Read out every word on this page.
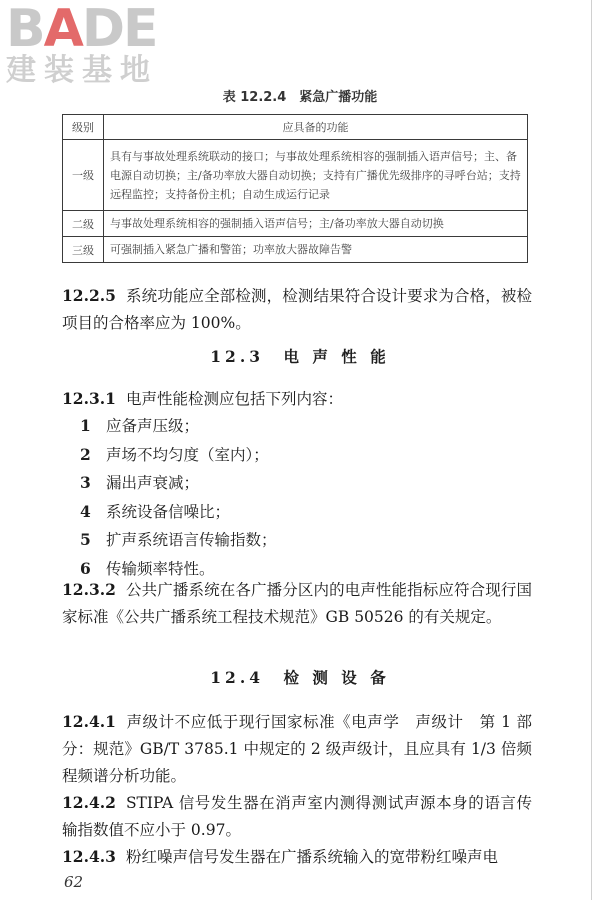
BADE
建装基地
表 12.2.4　紧急广播功能
级别	应具备的功能
一级	具有与事故处理系统联动的接口；与事故处理系统相容的强制插入语声信号；主、备电源自动切换；主/备功率放大器自动切换；支持有广播优先级排序的寻呼台站；支持远程监控；支持备份主机；自动生成运行记录
二级	与事故处理系统相容的强制插入语声信号；主/备功率放大器自动切换
三级	可强制插入紧急广播和警笛；功率放大器故障告警
12.2.5 系统功能应全部检测，检测结果符合设计要求为合格，被检项目的合格率应为 100%。
12.3　电 声 性 能
12.3.1 电声性能检测应包括下列内容：
1 应备声压级；
2 声场不均匀度（室内）；
3 漏出声衰减；
4 系统设备信噪比；
5 扩声系统语言传输指数；
6 传输频率特性。
12.3.2 公共广播系统在各广播分区内的电声性能指标应符合现行国家标准《公共广播系统工程技术规范》GB 50526 的有关规定。
12.4　检 测 设 备
12.4.1 声级计不应低于现行国家标准《电声学　声级计　第 1 部分：规范》GB/T 3785.1 中规定的 2 级声级计，且应具有 1/3 倍频程频谱分析功能。
12.4.2 STIPA 信号发生器在消声室内测得测试声源本身的语言传输指数值不应小于 0.97。
12.4.3 粉红噪声信号发生器在广播系统输入的宽带粉红噪声电
62
